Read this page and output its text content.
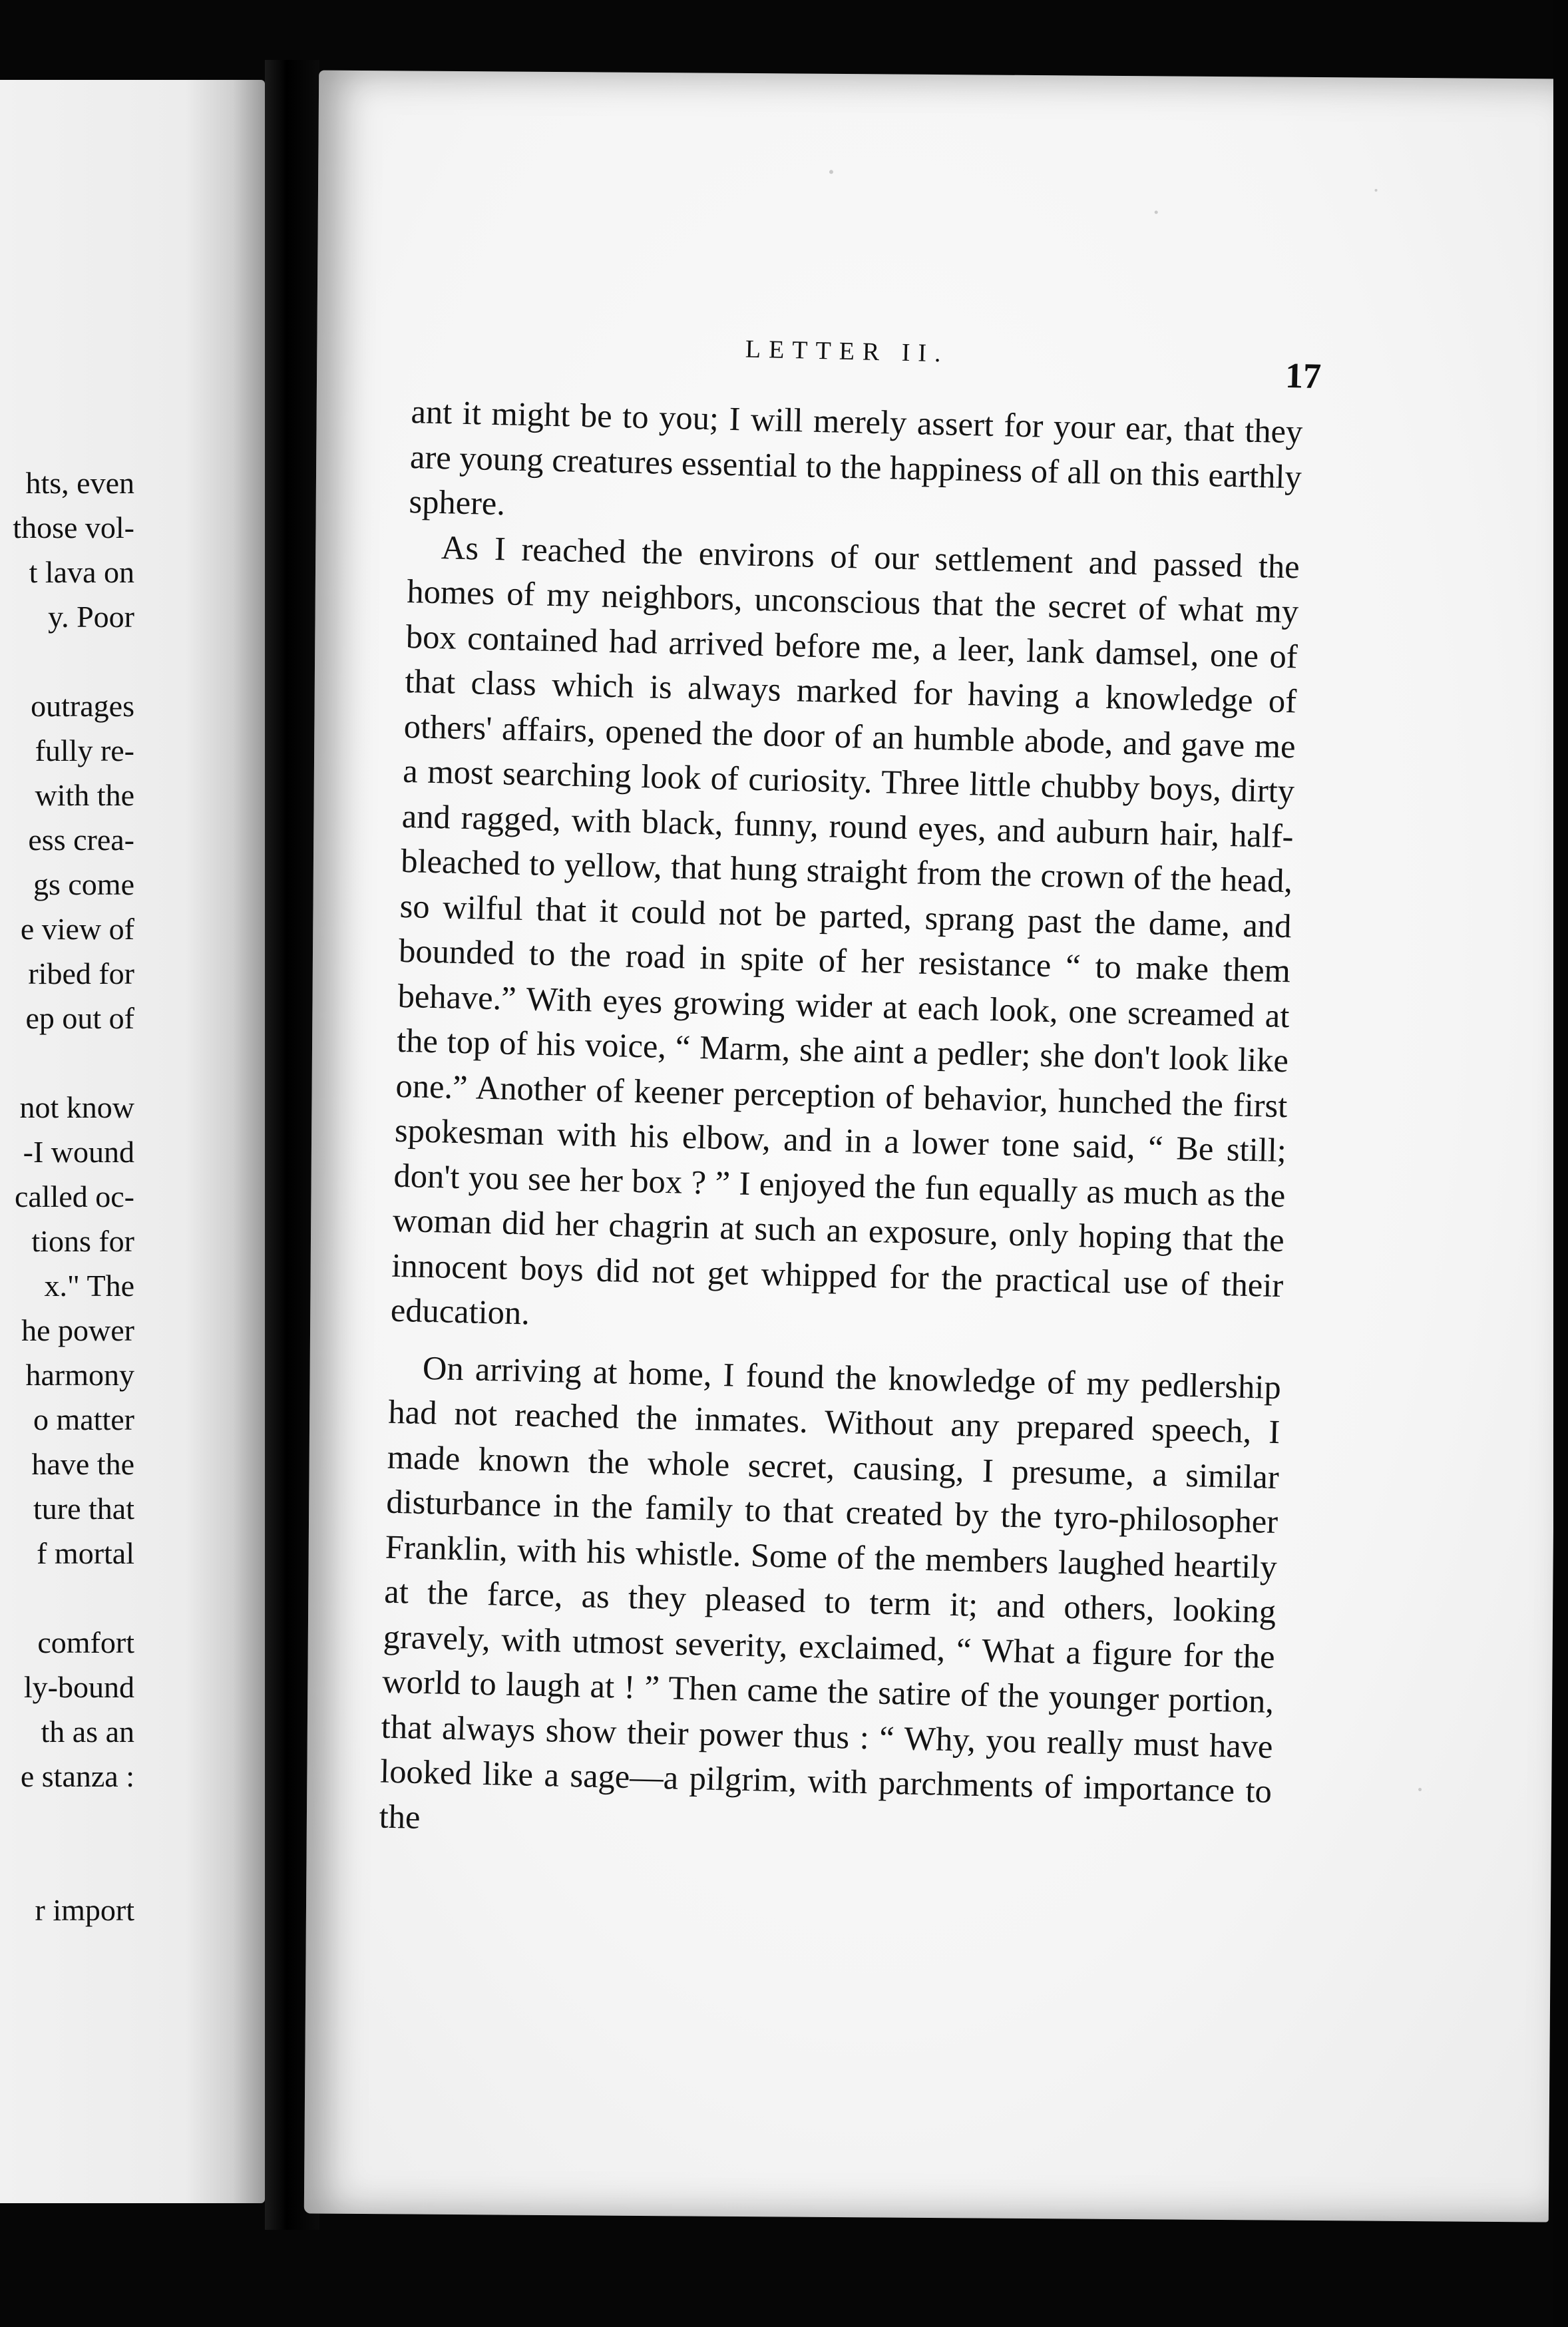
hts, even
those vol-
t lava on
y. Poor
outrages
fully re-
with the
ess crea-
gs come
e view of
ribed for
ep out of
not know
-I wound
called oc-
tions for
x." The
he power
harmony
o matter
have the
ture that
f mortal
comfort
ly-bound
th as an
e stanza :
r import
LETTER II.
17

ant it might be to you; I will merely assert for your ear, that they are young creatures essential to the happiness of all on this earthly sphere.

As I reached the environs of our settlement and passed the homes of my neighbors, unconscious that the secret of what my box contained had arrived before me, a leer, lank damsel, one of that class which is always marked for having a knowledge of others' affairs, opened the door of an humble abode, and gave me a most searching look of curiosity. Three little chubby boys, dirty and ragged, with black, funny, round eyes, and auburn hair, half-bleached to yellow, that hung straight from the crown of the head, so wilful that it could not be parted, sprang past the dame, and bounded to the road in spite of her resistance “ to make them behave.” With eyes growing wider at each look, one screamed at the top of his voice, “ Marm, she aint a pedler; she don't look like one.” Another of keener perception of behavior, hunched the first spokesman with his elbow, and in a lower tone said, “ Be still; don't you see her box ? ” I enjoyed the fun equally as much as the woman did her chagrin at such an exposure, only hoping that the innocent boys did not get whipped for the practical use of their education.

On arriving at home, I found the knowledge of my pedlership had not reached the inmates. Without any prepared speech, I made known the whole secret, causing, I presume, a similar disturbance in the family to that created by the tyro-philosopher Franklin, with his whistle. Some of the members laughed heartily at the farce, as they pleased to term it; and others, looking gravely, with utmost severity, exclaimed, “ What a figure for the world to laugh at ! ” Then came the satire of the younger portion, that always show their power thus : “ Why, you really must have looked like a sage—a pilgrim, with parchments of importance to the
